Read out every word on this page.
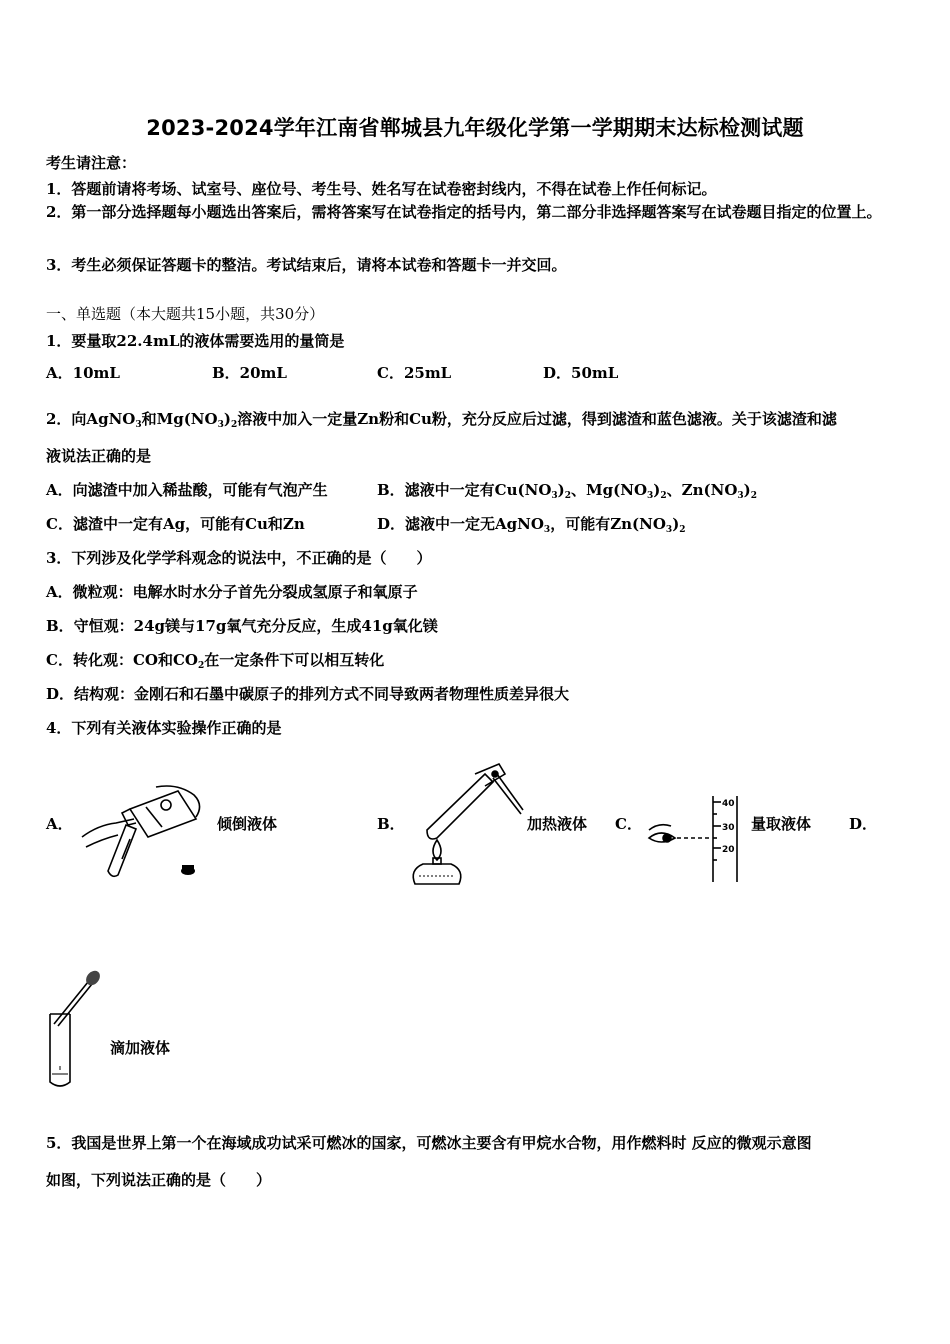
2023-2024学年江南省郸城县九年级化学第一学期期末达标检测试题
考生请注意：
1．答题前请将考场、试室号、座位号、考生号、姓名写在试卷密封线内，不得在试卷上作任何标记。
2．第一部分选择题每小题选出答案后，需将答案写在试卷指定的括号内，第二部分非选择题答案写在试卷题目指定的位置上。
3．考生必须保证答题卡的整洁。考试结束后，请将本试卷和答题卡一并交回。
一、单选题（本大题共15小题，共30分）
1．要量取22.4mL的液体需要选用的量筒是
A．10mL	B．20mL	C．25mL	D．50mL
2．向AgNO$_3$和$Mg(NO_3)_2$溶液中加入一定量Zn粉和Cu粉，充分反应后过滤，得到滤渣和蓝色滤液。关于该滤渣和滤
液说法正确的是
A．向滤渣中加入稀盐酸，可能有气泡产生	B．滤液中一定有$Cu(NO_3)_2$、$Mg(NO_3)_2$、$Zn(NO_3)_2$
C．滤渣中一定有Ag，可能有Cu和Zn	D．滤液中一定无AgNO$_3$，可能有$Zn(NO_3)_2$
3．下列涉及化学学科观念的说法中，不正确的是（　　）
A．微粒观：电解水时水分子首先分裂成氢原子和氧原子
B．守恒观：24g镁与17g氧气充分反应，生成41g氧化镁
C．转化观：CO和$CO_2$在一定条件下可以相互转化
D．结构观：金刚石和石墨中碳原子的排列方式不同导致两者物理性质差异很大
4．下列有关液体实验操作正确的是
A．	倾倒液体	B．	加热液体 C．
40
30
20
量取液体	D．
滴加液体
5．我国是世界上第一个在海域成功试采可燃冰的国家，可燃冰主要含有甲烷水合物，用作燃料时 反应的微观示意图
如图，下列说法正确的是（　　）
